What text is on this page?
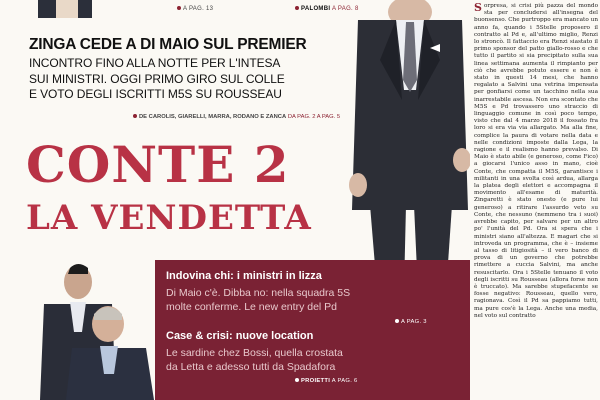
A PAG. 13	PALOMBI A PAG. 8
ZINGA CEDE A DI MAIO SUL PREMIER
INCONTRO FINO ALLA NOTTE PER L'INTESA
SUI MINISTRI. OGGI PRIMO GIRO SUL COLLE
E VOTO DEGLI ISCRITTI M5S SU ROUSSEAU
DE CAROLIS, GIARELLI, MARRA, RODANO E ZANCA DA PAG. 2 A PAG. 5
CONTE 2
LA VENDETTA
Indovina chi: i ministri in lizza
Di Maio c'è. Dibba no: nella squadra 5S
molte conferme. Le new entry del Pd
A PAG. 3
Case & crisi: nuove location
Le sardine chez Bossi, quella crostata
da Letta e adesso tutti da Spadafora
PROIETTI A PAG. 6
Sorpresa, si crisi più pazza del mondo sta per concludersi all'insegna del buonsenso. Che purtroppo era mancato un anno fa, quando i 5Stelle proposero il contratto al Pd e, all'ultimo miglio, Renzi lo stroncò. Il fattaccio era Renzi siastato il primo sponsor del patto giallo-rosso e che tutto il partito si sia precipitato sulla sua linea settimana aumenta il rimpianto per ciò che avrebbe potuto essere e non è stato in questi 14 mesi, che hanno regalato a Salvini una vetrina impensata per gonfiarsi come un tacchino nella sua inarrestabile ascesa. Non era scontato che M5S e Pd trovassero uno straccio di linguaggio comune in così poco tempo, visto che dal 4 marzo 2018 il fossato fra loro si era via via allargato. Ma alla fine, complice la paura di votare nella data e nelle condizioni imposte dalla Lega, la ragione e il realismo hanno prevalso. Di Maio è stato abile (e generoso, come Fico) a giocarsi l'unico asso in mano, cioè Conte, che compatta il M5S, garantisce i militanti in una svolta così ardua, allarga la platea degli elettori e accompagna il movimento all'esame di maturità. Zingaretti è stato onesto (e pure lui generoso) a ritirare l'assurdo veto su Conte, che nessuno (nemmeno tra i suoi) avrebbe capito, per salvare per un altro po' l'unità del Pd. Ora si spera che i ministri siano all'altezza. E magari che si introveda un programma, che è – insieme al tasso di litigiosità – il vero banco di prova di un governo che potrebbe rimettere a cuccia Salvini, ma anche resuscitarlo. Ora i 5Stelle tenuano il voto degli iscritti su Rousseau (allora forse non è truccato). Ma sarebbe stupefacente se fosse negativo: Rousseau, quello vero, ragionava. Così il Pd sa pappiamo tutti, ma pure cos'è la Lega. Anche una media, nel voto sul contratto
